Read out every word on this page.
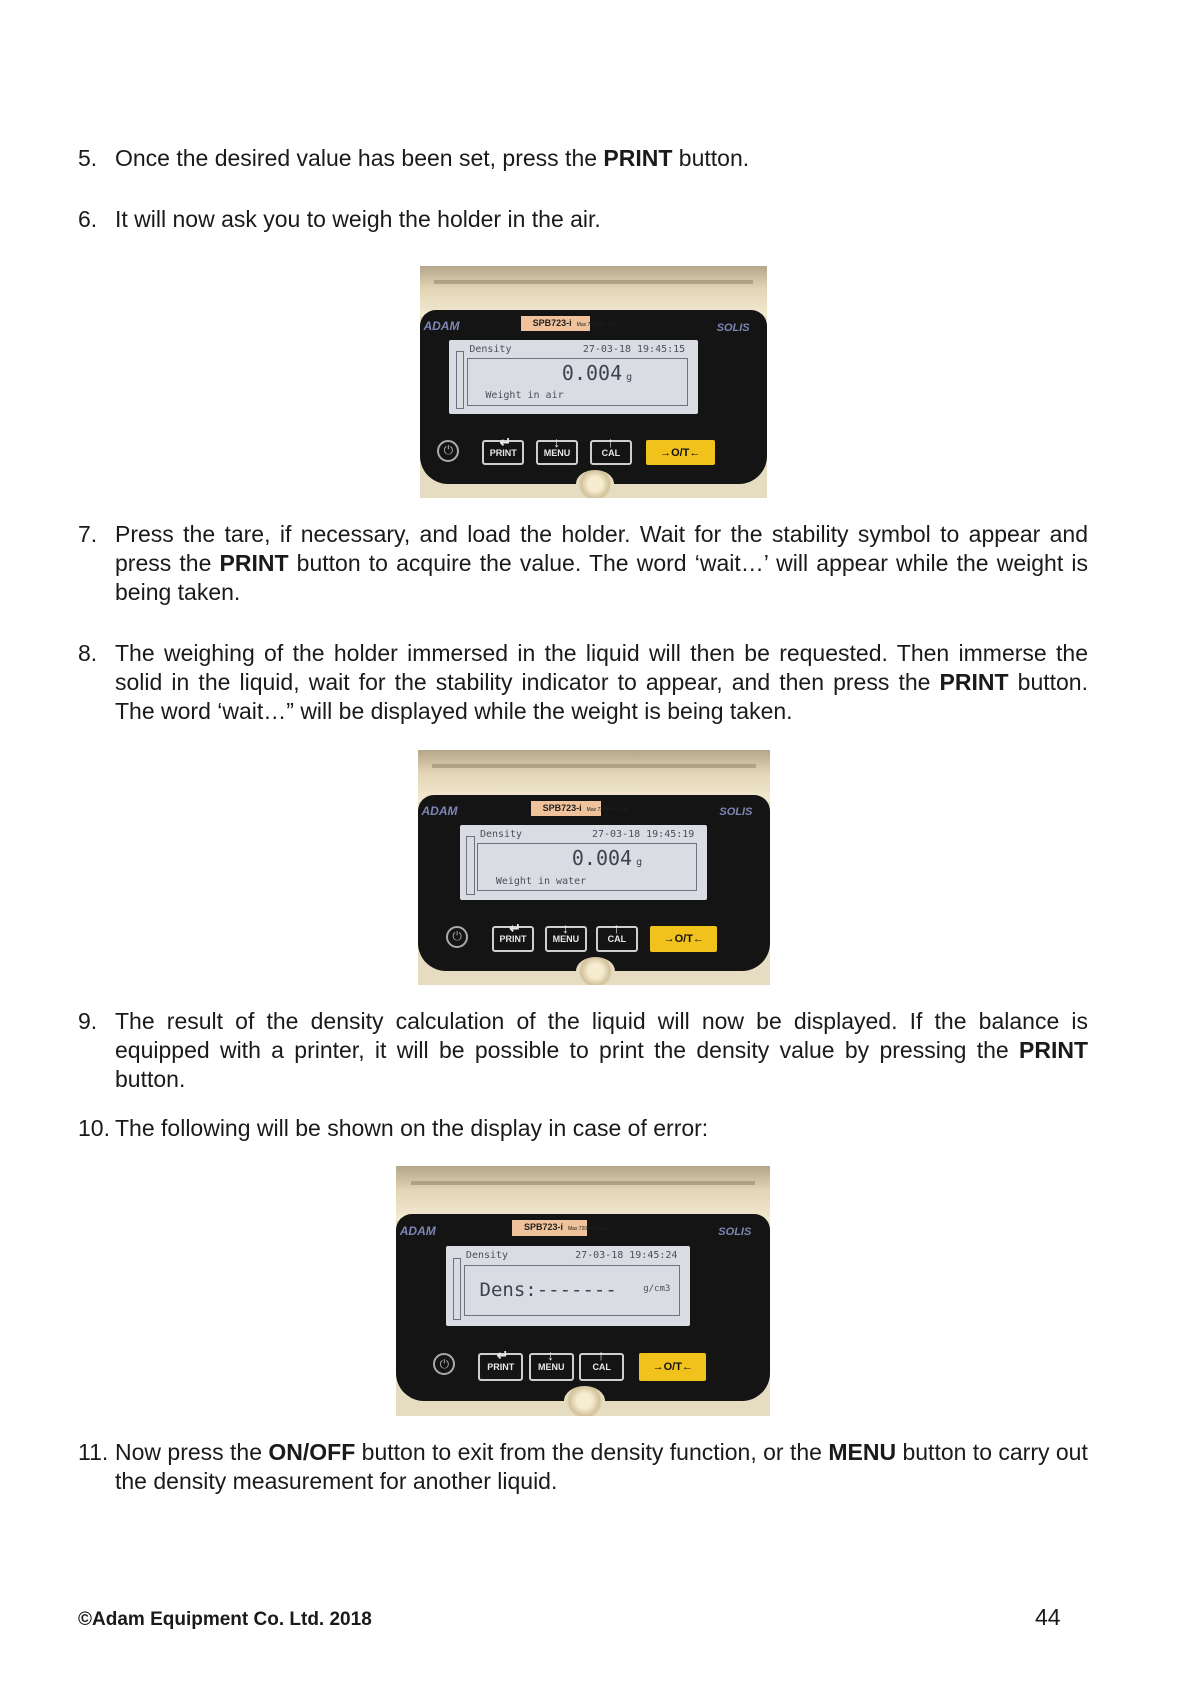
5. Once the desired value has been set, press the PRINT button.
6. It will now ask you to weigh the holder in the air.
ADAM	SOLIS
SPB723-i Max 720g d= 1mg
Density	27-03-18 19:45:15
0.004 g
Weight in air
⏻
↵
PRINT
↓
MENU
↑
CAL	→O/T←
7. Press the tare, if necessary, and load the holder. Wait for the stability symbol to appear and press the PRINT button to acquire the value. The word ‘wait…’ will appear while the weight is being taken.
8. The weighing of the holder immersed in the liquid will then be requested. Then immerse the solid in the liquid, wait for the stability indicator to appear, and then press the PRINT button. The word ‘wait…” will be displayed while the weight is being taken.
ADAM	SOLIS
SPB723-i Max 720g d= 1mg
Density	27-03-18 19:45:19
0.004 g
Weight in water
⏻
↵
PRINT
↓
MENU
↑
CAL	→O/T←
9. The result of the density calculation of the liquid will now be displayed. If the balance is equipped with a printer, it will be possible to print the density value by pressing the PRINT button.
10. The following will be shown on the display in case of error:
ADAM	SOLIS
SPB723-i Max 720g d= 1mg
Density	27-03-18 19:45:24
Dens:-------	g/cm3
⏻
↵
PRINT
↓
MENU
↑
CAL	→O/T←
11. Now press the ON/OFF button to exit from the density function, or the MENU button to carry out the density measurement for another liquid.
©Adam Equipment Co. Ltd. 2018	44
